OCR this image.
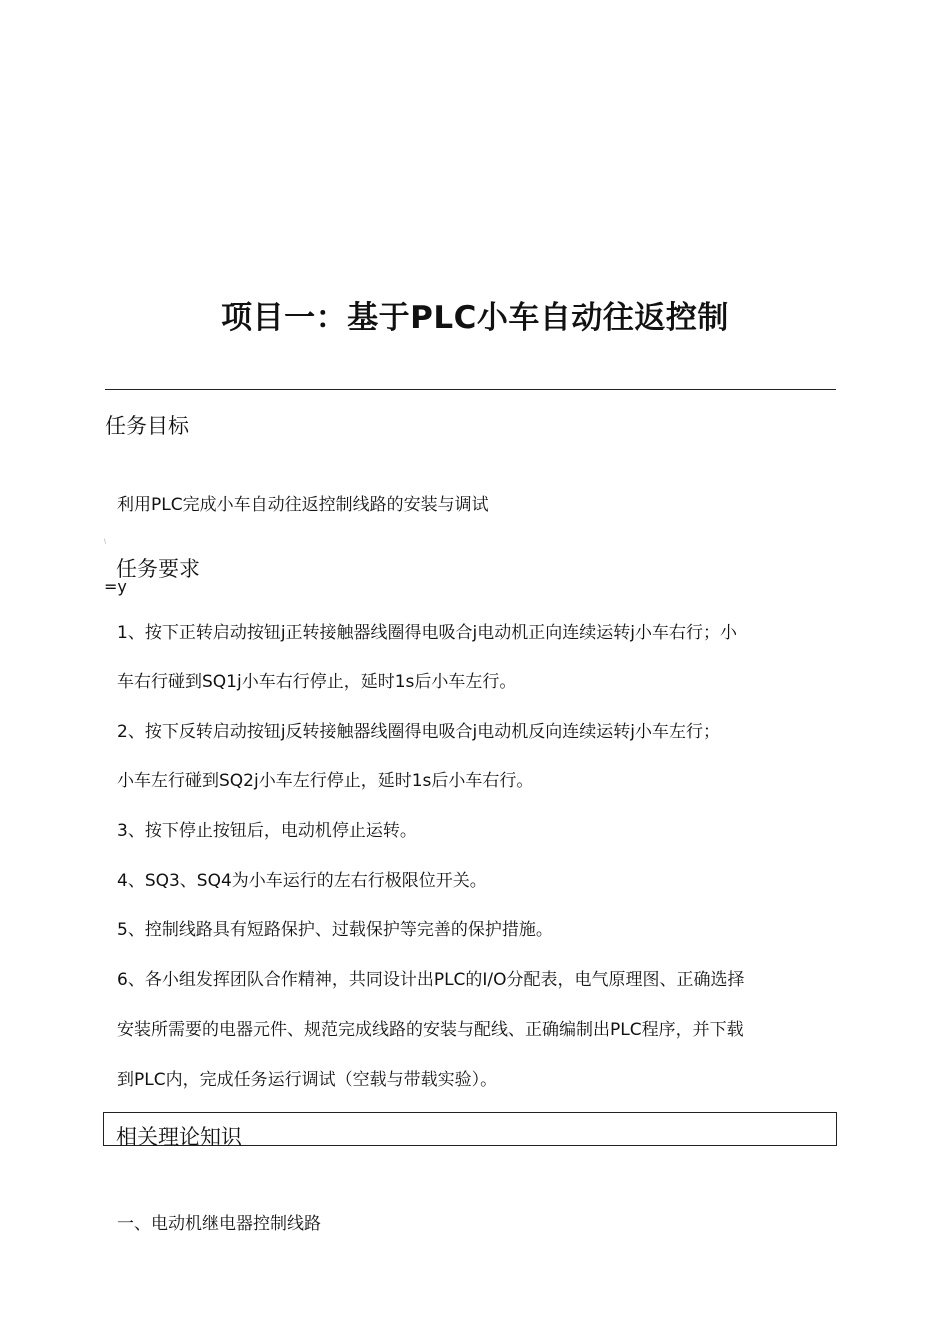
项目一：基于PLC小车自动往返控制
任务目标
利用PLC完成小车自动往返控制线路的安装与调试
\
任务要求
=y
1、按下正转启动按钮j正转接触器线圈得电吸合j电动机正向连续运转j小车右行；小
车右行碰到SQ1j小车右行停止，延时1s后小车左行。
2、按下反转启动按钮j反转接触器线圈得电吸合j电动机反向连续运转j小车左行；
小车左行碰到SQ2j小车左行停止，延时1s后小车右行。
3、按下停止按钮后，电动机停止运转。
4、SQ3、SQ4为小车运行的左右行极限位开关。
5、控制线路具有短路保护、过载保护等完善的保护措施。
6、各小组发挥团队合作精神，共同设计出PLC的I/O分配表，电气原理图、正确选择
安装所需要的电器元件、规范完成线路的安装与配线、正确编制出PLC程序，并下载
到PLC内，完成任务运行调试（空载与带载实验）。
相关理论知识
一、电动机继电器控制线路
